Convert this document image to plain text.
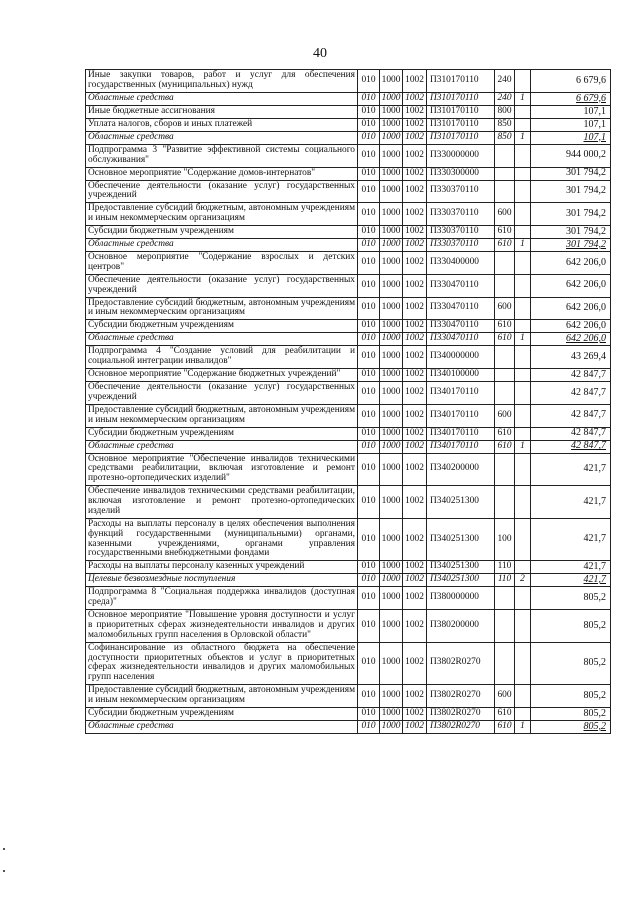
40
Иные закупки товаров, работ и услуг для обеспечения государственных (муниципальных) нужд	010	1000	1002	П310170110	240		6 679,6
Областные средства	010	1000	1002	П310170110	240	1	6 679,6
Иные бюджетные ассигнования	010	1000	1002	П310170110	800		107,1
Уплата налогов, сборов и иных платежей	010	1000	1002	П310170110	850		107,1
Областные средства	010	1000	1002	П310170110	850	1	107,1
Подпрограмма 3 "Развитие эффективной системы социального обслуживания"	010	1000	1002	П330000000			944 000,2
Основное мероприятие "Содержание домов-интернатов"	010	1000	1002	П330300000			301 794,2
Обеспечение деятельности (оказание услуг) государственных учреждений	010	1000	1002	П330370110			301 794,2
Предоставление субсидий бюджетным, автономным учреждениям и иным некоммерческим организациям	010	1000	1002	П330370110	600		301 794,2
Субсидии бюджетным учреждениям	010	1000	1002	П330370110	610		301 794,2
Областные средства	010	1000	1002	П330370110	610	1	301 794,2
Основное мероприятие "Содержание взрослых и детских центров"	010	1000	1002	П330400000			642 206,0
Обеспечение деятельности (оказание услуг) государственных учреждений	010	1000	1002	П330470110			642 206,0
Предоставление субсидий бюджетным, автономным учреждениям и иным некоммерческим организациям	010	1000	1002	П330470110	600		642 206,0
Субсидии бюджетным учреждениям	010	1000	1002	П330470110	610		642 206,0
Областные средства	010	1000	1002	П330470110	610	1	642 206,0
Подпрограмма 4 "Создание условий для реабилитации и социальной интеграции инвалидов"	010	1000	1002	П340000000			43 269,4
Основное мероприятие "Содержание бюджетных учреждений"	010	1000	1002	П340100000			42 847,7
Обеспечение деятельности (оказание услуг) государственных учреждений	010	1000	1002	П340170110			42 847,7
Предоставление субсидий бюджетным, автономным учреждениям и иным некоммерческим организациям	010	1000	1002	П340170110	600		42 847,7
Субсидии бюджетным учреждениям	010	1000	1002	П340170110	610		42 847,7
Областные средства	010	1000	1002	П340170110	610	1	42 847,7
Основное мероприятие "Обеспечение инвалидов техническими средствами реабилитации, включая изготовление и ремонт протезно-ортопедических изделий"	010	1000	1002	П340200000			421,7
Обеспечение инвалидов техническими средствами реабилитации, включая изготовление и ремонт протезно-ортопедических изделий	010	1000	1002	П340251300			421,7
Расходы на выплаты персоналу в целях обеспечения выполнения функций государственными (муниципальными) органами, казенными учреждениями, органами управления государственными внебюджетными фондами	010	1000	1002	П340251300	100		421,7
Расходы на выплаты персоналу казенных учреждений	010	1000	1002	П340251300	110		421,7
Целевые безвозмездные поступления	010	1000	1002	П340251300	110	2	421,7
Подпрограмма 8 "Социальная поддержка инвалидов (доступная среда)"	010	1000	1002	П380000000			805,2
Основное мероприятие "Повышение уровня доступности и услуг в приоритетных сферах жизнедеятельности инвалидов и других маломобильных групп населения в Орловской области"	010	1000	1002	П380200000			805,2
Софинансирование из областного бюджета на обеспечение доступности приоритетных объектов и услуг в приоритетных сферах жизнедеятельности инвалидов и других маломобильных групп населения	010	1000	1002	П3802R0270			805,2
Предоставление субсидий бюджетным, автономным учреждениям и иным некоммерческим организациям	010	1000	1002	П3802R0270	600		805,2
Субсидии бюджетным учреждениям	010	1000	1002	П3802R0270	610		805,2
Областные средства	010	1000	1002	П3802R0270	610	1	805,2
